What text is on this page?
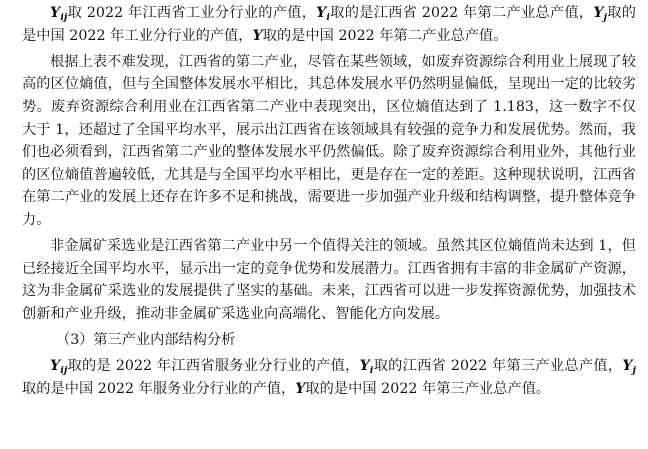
$Y_{ij}$取 2022 年江西省工业分行业的产值，$Y_i$取的是江西省 2022 年第二产业总产值，$Y_j$取的是中国 2022 年工业分行业的产值，Y取的是中国 2022 年第二产业总产值。

根据上表不难发现，江西省的第二产业，尽管在某些领域，如废弃资源综合利用业上展现了较高的区位熵值，但与全国整体发展水平相比，其总体发展水平仍然明显偏低，呈现出一定的比较劣势。废弃资源综合利用业在江西省第二产业中表现突出，区位熵值达到了 1.183，这一数字不仅大于 1，还超过了全国平均水平，展示出江西省在该领域具有较强的竞争力和发展优势。然而，我们也必须看到，江西省第二产业的整体发展水平仍然偏低。除了废弃资源综合利用业外，其他行业的区位熵值普遍较低，尤其是与全国平均水平相比，更是存在一定的差距。这种现状说明，江西省在第二产业的发展上还存在许多不足和挑战，需要进一步加强产业升级和结构调整，提升整体竞争力。

非金属矿采选业是江西省第二产业中另一个值得关注的领域。虽然其区位熵值尚未达到 1，但已经接近全国平均水平，显示出一定的竞争优势和发展潜力。江西省拥有丰富的非金属矿产资源，这为非金属矿采选业的发展提供了坚实的基础。未来，江西省可以进一步发挥资源优势，加强技术创新和产业升级，推动非金属矿采选业向高端化、智能化方向发展。

（3）第三产业内部结构分析

$Y_{ij}$取的是 2022 年江西省服务业分行业的产值，$Y_i$取的江西省 2022 年第三产业总产值，$Y_j$取的是中国 2022 年服务业分行业的产值，Y取的是中国 2022 年第三产业总产值。
